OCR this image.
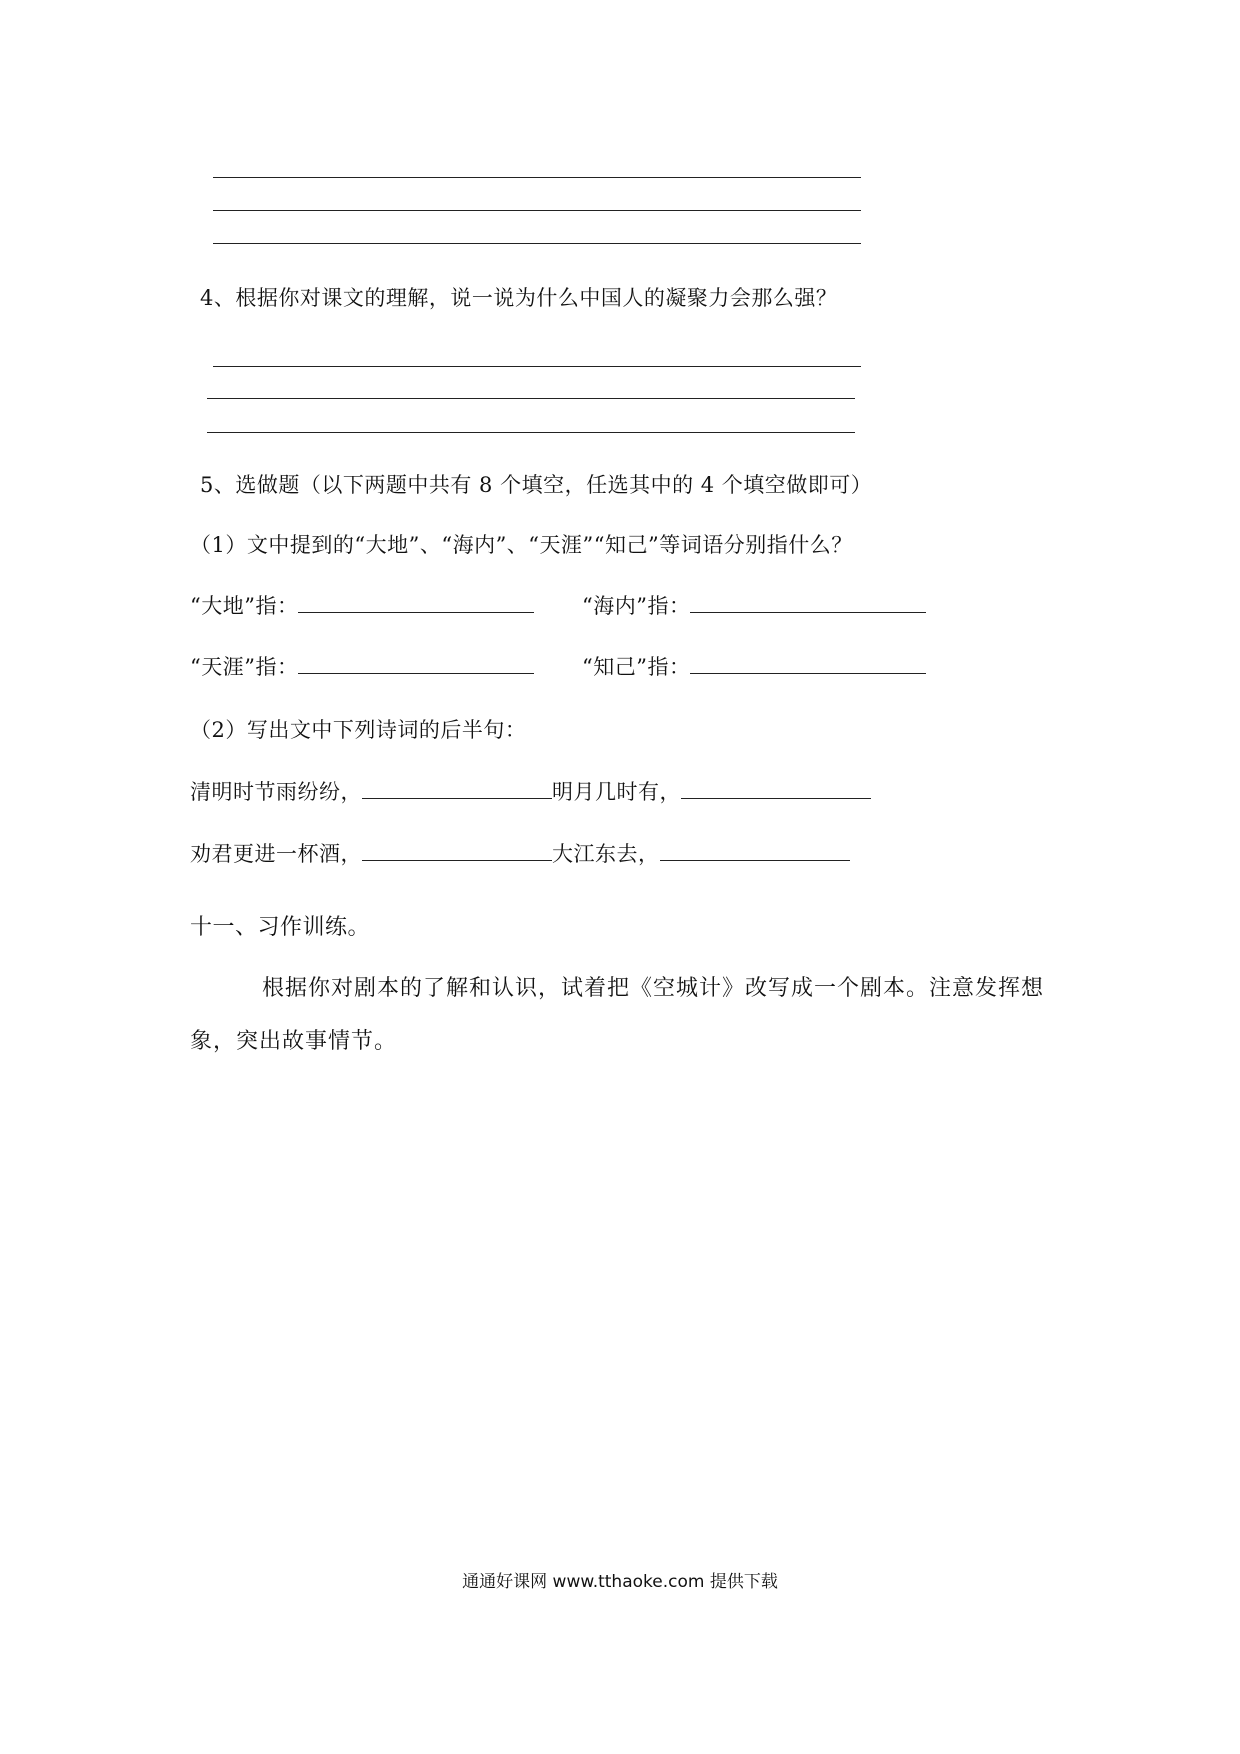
4、根据你对课文的理解，说一说为什么中国人的凝聚力会那么强？
5、选做题（以下两题中共有 8 个填空，任选其中的 4 个填空做即可）
（1）文中提到的“大地”、“海内”、“天涯”“知己”等词语分别指什么？
“大地”指：	“海内”指：
“天涯”指：	“知己”指：
（2）写出文中下列诗词的后半句：
清明时节雨纷纷，	明月几时有，
劝君更进一杯酒，	大江东去，
十一、习作训练。
根据你对剧本的了解和认识，试着把《空城计》改写成一个剧本。注意发挥想象，突出故事情节。
通通好课网 www.tthaoke.com 提供下载
